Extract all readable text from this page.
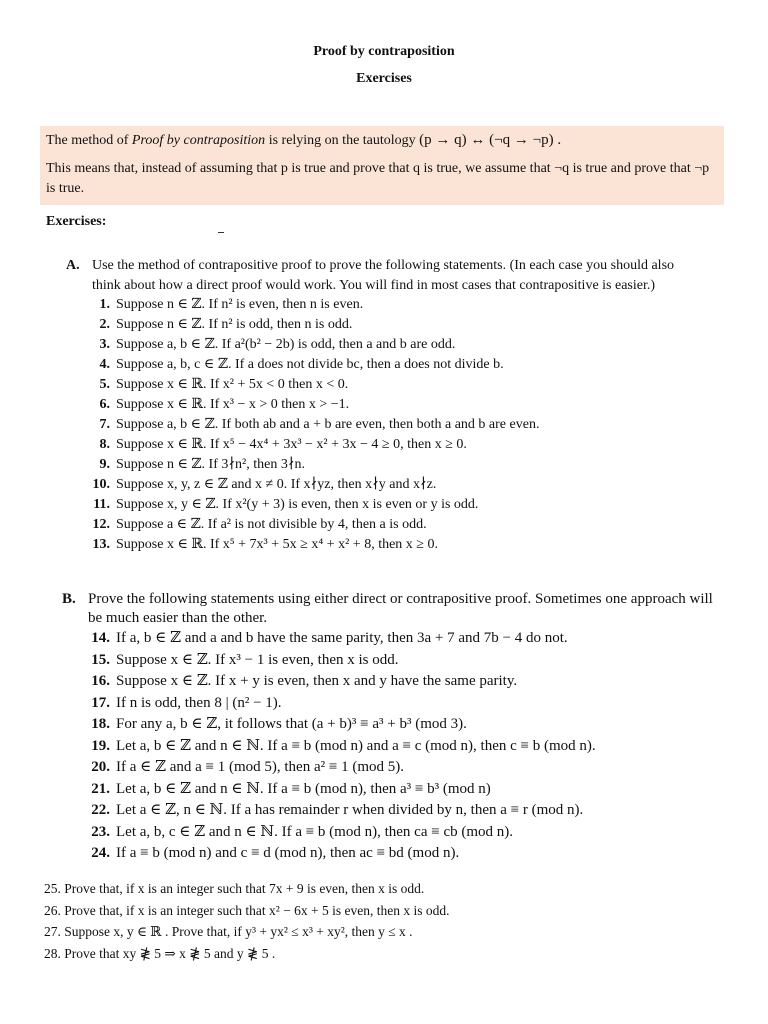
Proof by contraposition
Exercises

The method of Proof by contraposition is relying on the tautology (p → q) ↔ (¬q → ¬p) .

This means that, instead of assuming that p is true and prove that q is true, we assume that ¬q is true and prove that ¬p is true.

Exercises:
A. Use the method of contrapositive proof to prove the following statements. (In each case you should also think about how a direct proof would work. You will find in most cases that contrapositive is easier.)
1. Suppose n ∈ ℤ. If n² is even, then n is even.
2. Suppose n ∈ ℤ. If n² is odd, then n is odd.
3. Suppose a, b ∈ ℤ. If a²(b² − 2b) is odd, then a and b are odd.
4. Suppose a, b, c ∈ ℤ. If a does not divide bc, then a does not divide b.
5. Suppose x ∈ ℝ. If x² + 5x < 0 then x < 0.
6. Suppose x ∈ ℝ. If x³ − x > 0 then x > −1.
7. Suppose a, b ∈ ℤ. If both ab and a + b are even, then both a and b are even.
8. Suppose x ∈ ℝ. If x⁵ − 4x⁴ + 3x³ − x² + 3x − 4 ≥ 0, then x ≥ 0.
9. Suppose n ∈ ℤ. If 3∤n², then 3∤n.
10. Suppose x, y, z ∈ ℤ and x ≠ 0. If x∤yz, then x∤y and x∤z.
11. Suppose x, y ∈ ℤ. If x²(y + 3) is even, then x is even or y is odd.
12. Suppose a ∈ ℤ. If a² is not divisible by 4, then a is odd.
13. Suppose x ∈ ℝ. If x⁵ + 7x³ + 5x ≥ x⁴ + x² + 8, then x ≥ 0.
B. Prove the following statements using either direct or contrapositive proof. Sometimes one approach will be much easier than the other.
14. If a, b ∈ ℤ and a and b have the same parity, then 3a + 7 and 7b − 4 do not.
15. Suppose x ∈ ℤ. If x³ − 1 is even, then x is odd.
16. Suppose x ∈ ℤ. If x + y is even, then x and y have the same parity.
17. If n is odd, then 8 | (n² − 1).
18. For any a, b ∈ ℤ, it follows that (a + b)³ ≡ a³ + b³ (mod 3).
19. Let a, b ∈ ℤ and n ∈ ℕ. If a ≡ b (mod n) and a ≡ c (mod n), then c ≡ b (mod n).
20. If a ∈ ℤ and a ≡ 1 (mod 5), then a² ≡ 1 (mod 5).
21. Let a, b ∈ ℤ and n ∈ ℕ. If a ≡ b (mod n), then a³ ≡ b³ (mod n)
22. Let a ∈ ℤ, n ∈ ℕ. If a has remainder r when divided by n, then a ≡ r (mod n).
23. Let a, b, c ∈ ℤ and n ∈ ℕ. If a ≡ b (mod n), then ca ≡ cb (mod n).
24. If a ≡ b (mod n) and c ≡ d (mod n), then ac ≡ bd (mod n).
25. Prove that, if x is an integer such that 7x + 9 is even, then x is odd.
26. Prove that, if x is an integer such that x² − 6x + 5 is even, then x is odd.
27. Suppose x, y ∈ ℝ . Prove that, if y³ + yx² ≤ x³ + xy², then y ≤ x .
28. Prove that xy ≹ 5 ⇒ x ≹ 5 and y ≹ 5 .
